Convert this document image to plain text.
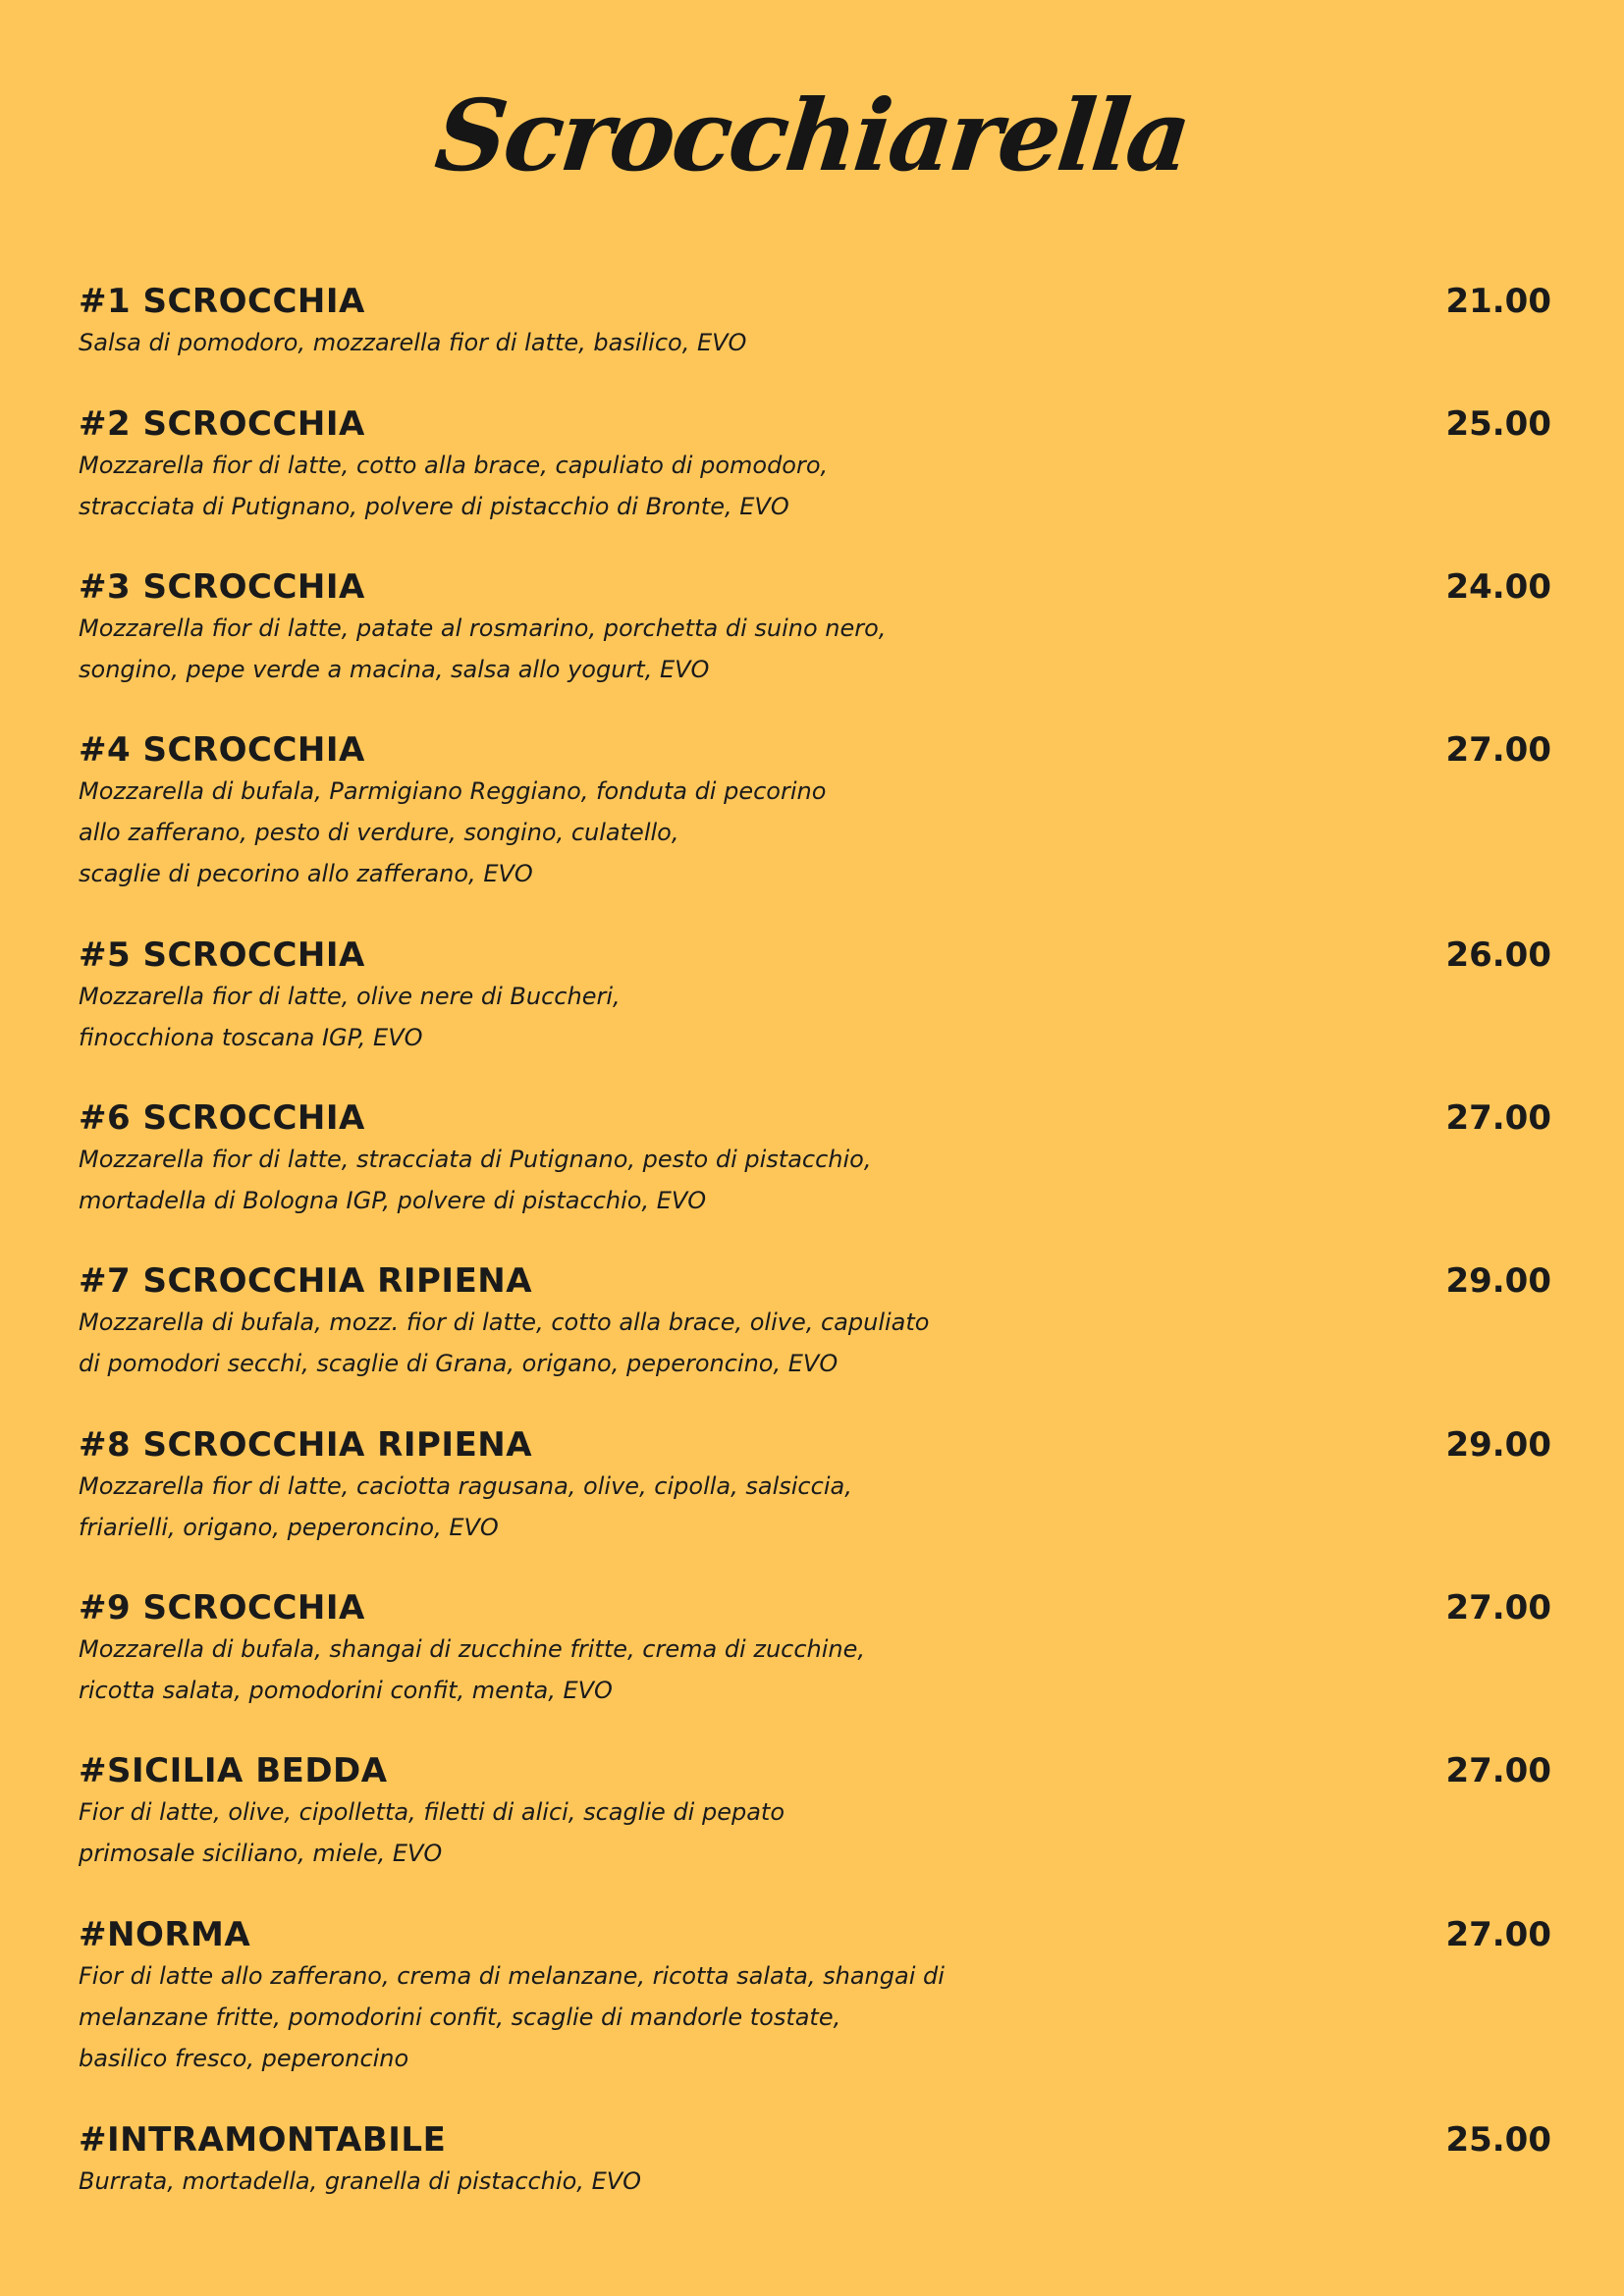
Scrocchiarella
#1 SCROCCHIA	21.00
Salsa di pomodoro, mozzarella fior di latte, basilico, EVO
#2 SCROCCHIA	25.00
Mozzarella fior di latte, cotto alla brace, capuliato di pomodoro,
stracciata di Putignano, polvere di pistacchio di Bronte, EVO
#3 SCROCCHIA	24.00
Mozzarella fior di latte, patate al rosmarino, porchetta di suino nero,
songino, pepe verde a macina, salsa allo yogurt, EVO
#4 SCROCCHIA	27.00
Mozzarella di bufala, Parmigiano Reggiano, fonduta di pecorino
allo zafferano, pesto di verdure, songino, culatello,
scaglie di pecorino allo zafferano, EVO
#5 SCROCCHIA	26.00
Mozzarella fior di latte, olive nere di Buccheri,
finocchiona toscana IGP, EVO
#6 SCROCCHIA	27.00
Mozzarella fior di latte, stracciata di Putignano, pesto di pistacchio,
mortadella di Bologna IGP, polvere di pistacchio, EVO
#7 SCROCCHIA RIPIENA	29.00
Mozzarella di bufala, mozz. fior di latte, cotto alla brace, olive, capuliato
di pomodori secchi, scaglie di Grana, origano, peperoncino, EVO
#8 SCROCCHIA RIPIENA	29.00
Mozzarella fior di latte, caciotta ragusana, olive, cipolla, salsiccia,
friarielli, origano, peperoncino, EVO
#9 SCROCCHIA	27.00
Mozzarella di bufala, shangai di zucchine fritte, crema di zucchine,
ricotta salata, pomodorini confit, menta, EVO
#SICILIA BEDDA	27.00
Fior di latte, olive, cipolletta, filetti di alici, scaglie di pepato
primosale siciliano, miele, EVO
#NORMA	27.00
Fior di latte allo zafferano, crema di melanzane, ricotta salata, shangai di
melanzane fritte, pomodorini confit, scaglie di mandorle tostate,
basilico fresco, peperoncino
#INTRAMONTABILE	25.00
Burrata, mortadella, granella di pistacchio, EVO
